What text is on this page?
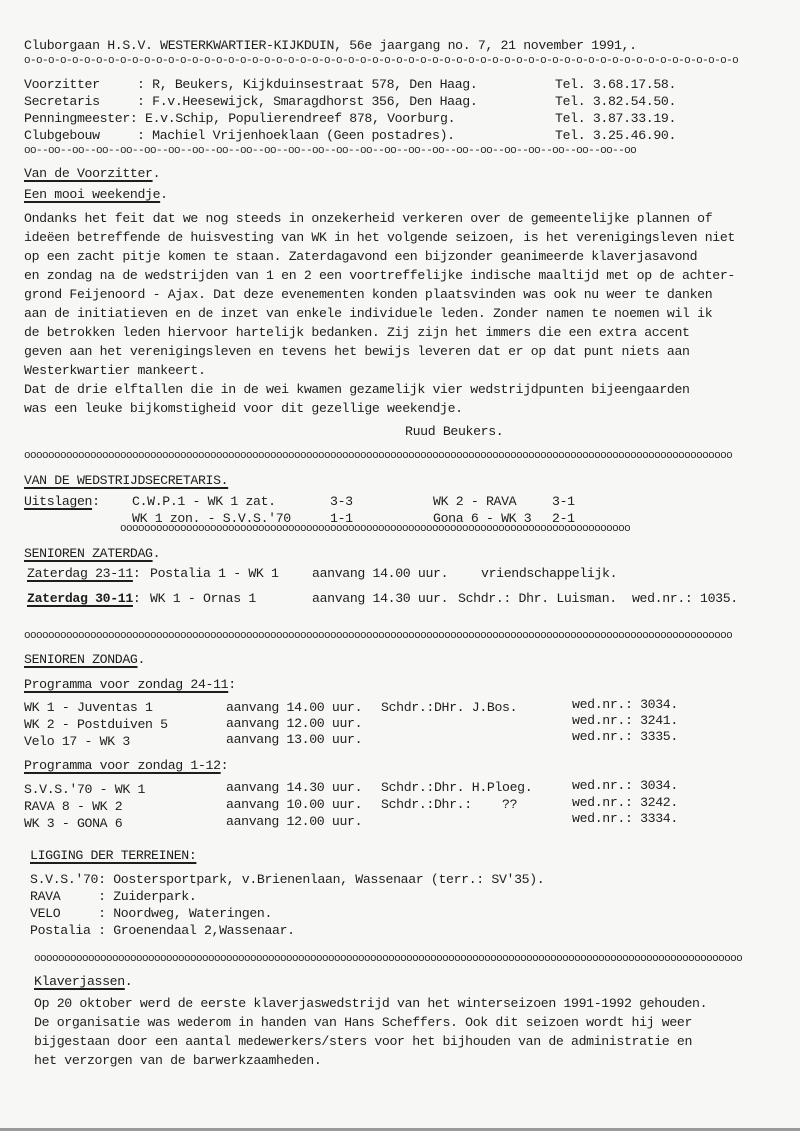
Cluborgaan H.S.V. WESTERKWARTIER-KIJKDUIN, 56e jaargang no. 7, 21 november 1991,.
o-o-o-o-o-o-o-o-o-o-o-o-o-o-o-o-o-o-o-o-o-o-o-o-o-o-o-o-o-o-o-o-o-o-o-o-o-o-o-o-o-o-o-o-o-o-o-o-o-o-o-o-o-o-o-o-o-o-o-o
Voorzitter	: R, Beukers, Kijkduinsestraat 578, Den Haag.	Tel. 3.68.17.58.
Secretaris	: F.v.Heesewijck, Smaragdhorst 356, Den Haag.	Tel. 3.82.54.50.
Penningmeester: E.v.Schip, Populierendreef 878, Voorburg.	Tel. 3.87.33.19.
Clubgebouw	: Machiel Vrijenhoeklaan (Geen postadres).	Tel. 3.25.46.90.
oo--oo--oo--oo--oo--oo--oo--oo--oo--oo--oo--oo--oo--oo--oo--oo--oo--oo--oo--oo--oo--oo--oo--oo--oo--oo
Van de Voorzitter.
Een mooi weekendje.
Ondanks het feit dat we nog steeds in onzekerheid verkeren over de gemeentelijke plannen of
ideëen betreffende de huisvesting van WK in het volgende seizoen, is het verenigingsleven niet
op een zacht pitje komen te staan. Zaterdagavond een bijzonder geanimeerde klaverjasavond
en zondag na de wedstrijden van 1 en 2 een voortreffelijke indische maaltijd met op de achter-
grond Feijenoord - Ajax. Dat deze evenementen konden plaatsvinden was ook nu weer te danken
aan de initiatieven en de inzet van enkele individuele leden. Zonder namen te noemen wil ik
de betrokken leden hiervoor hartelijk bedanken. Zij zijn het immers die een extra accent
geven aan het verenigingsleven en tevens het bewijs leveren dat er op dat punt niets aan
Westerkwartier mankeert.
Dat de drie elftallen die in de wei kwamen gezamelijk vier wedstrijdpunten bijeengaarden
was een leuke bijkomstigheid voor dit gezellige weekendje.
Ruud Beukers.
oooooooooooooooooooooooooooooooooooooooooooooooooooooooooooooooooooooooooooooooooooooooooooooooooooooooooooooooooooooo
VAN DE WEDSTRIJDSECRETARIS.
Uitslagen: C.W.P.1 - WK 1 zat.	3-3	WK 2 - RAVA	3-1
WK 1 zon. - S.V.S.'70	1-1	Gona 6 - WK 3 2-1
ooooooooooooooooooooooooooooooooooooooooooooooooooooooooooooooooooooooooooooooooooooo
SENIOREN ZATERDAG.
Zaterdag 23-11: Postalia 1 - WK 1	aanvang 14.00 uur. vriendschappelijk.
Zaterdag 30-11: WK 1 - Ornas 1	aanvang 14.30 uur. Schdr.: Dhr. Luisman.  wed.nr.: 1035.
oooooooooooooooooooooooooooooooooooooooooooooooooooooooooooooooooooooooooooooooooooooooooooooooooooooooooooooooooooooo
SENIOREN ZONDAG.
Programma voor zondag 24-11:
WK 1 - Juventas 1	aanvang 14.00 uur. Schdr.:DHr. J.Bos.	wed.nr.: 3034.
WK 2 - Postduiven 5	aanvang 12.00 uur.	wed.nr.: 3241.
Velo 17 - WK 3	aanvang 13.00 uur.	wed.nr.: 3335.
Programma voor zondag 1-12:
S.V.S.'70 - WK 1	aanvang 14.30 uur. Schdr.:Dhr. H.Ploeg.	wed.nr.: 3034.
RAVA 8 - WK 2	aanvang 10.00 uur. Schdr.:Dhr.:    ??	wed.nr.: 3242.
WK 3 - GONA 6	aanvang 12.00 uur.	wed.nr.: 3334.
LIGGING DER TERREINEN:
S.V.S.'70: Oostersportpark, v.Brienenlaan, Wassenaar (terr.: SV'35).
RAVA     : Zuiderpark.
VELO     : Noordweg, Wateringen.
Postalia : Groenendaal 2,Wassenaar.
oooooooooooooooooooooooooooooooooooooooooooooooooooooooooooooooooooooooooooooooooooooooooooooooooooooooooooooooooooooo
Klaverjassen.
Op 20 oktober werd de eerste klaverjaswedstrijd van het winterseizoen 1991-1992 gehouden.
De organisatie was wederom in handen van Hans Scheffers. Ook dit seizoen wordt hij weer
bijgestaan door een aantal medewerkers/sters voor het bijhouden van de administratie en
het verzorgen van de barwerkzaamheden.
